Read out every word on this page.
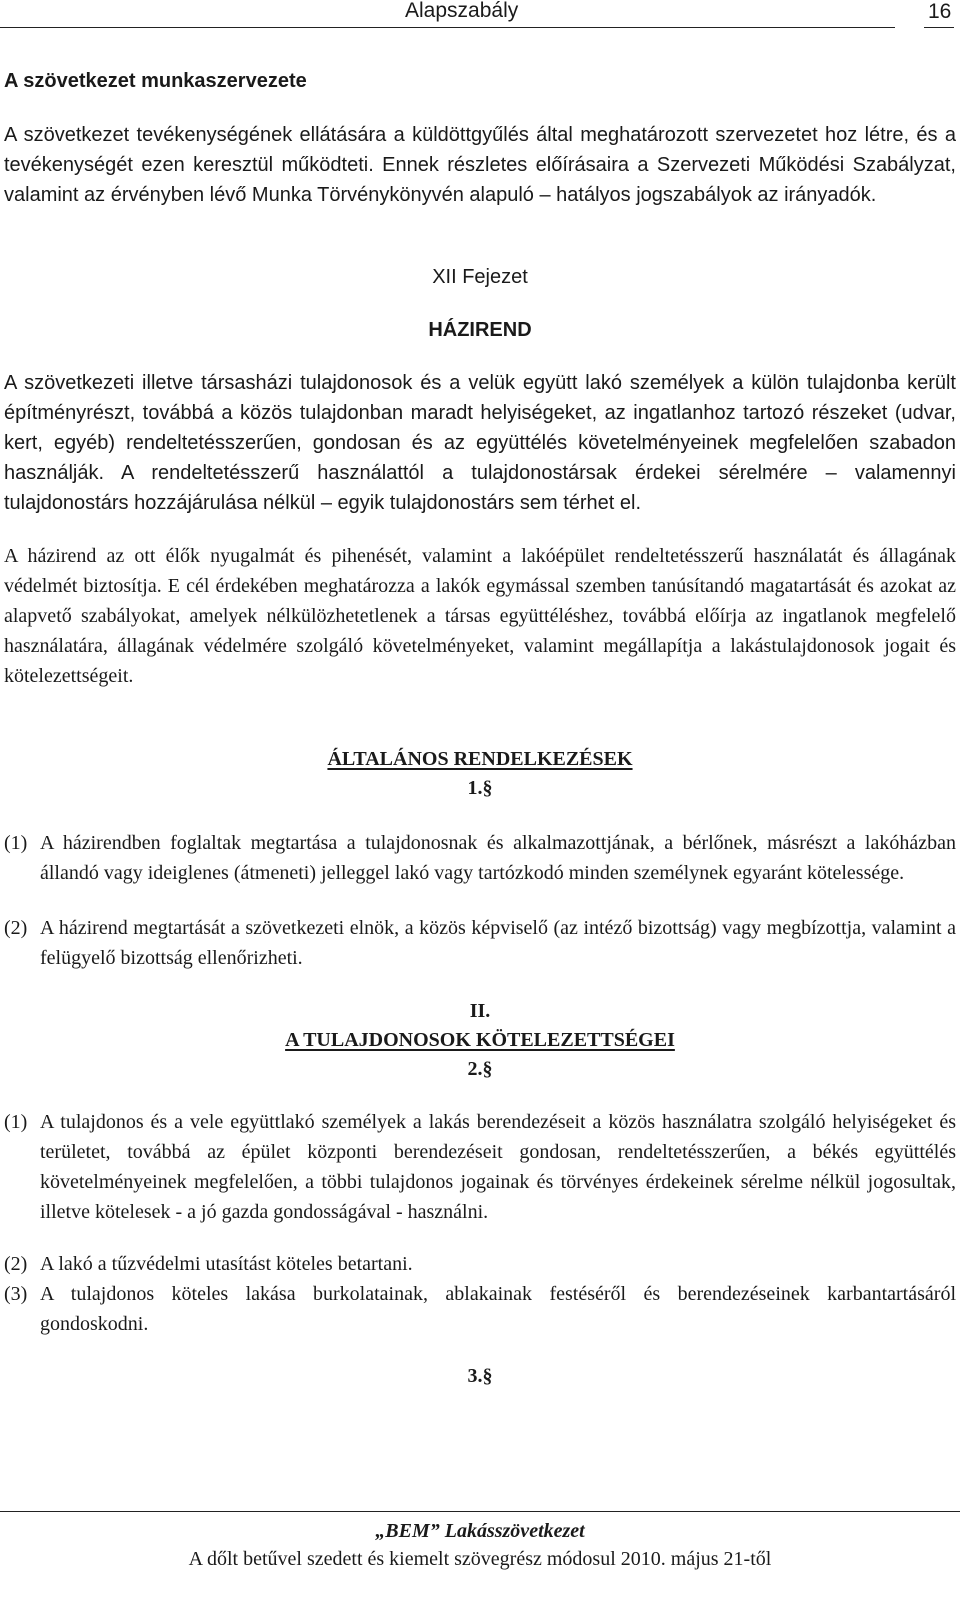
Alapszabály	16
A szövetkezet munkaszervezete
A szövetkezet tevékenységének ellátására a küldöttgyűlés által meghatározott szervezetet hoz létre, és a tevékenységét ezen keresztül működteti. Ennek részletes előírásaira a Szervezeti Működési Szabályzat, valamint az érvényben lévő Munka Törvénykönyvén alapuló – hatályos jogszabályok az irányadók.
XII Fejezet
HÁZIREND
A szövetkezeti illetve társasházi tulajdonosok és a velük együtt lakó személyek a külön tulajdonba került építményrészt, továbbá a közös tulajdonban maradt helyiségeket, az ingatlanhoz tartozó részeket (udvar, kert, egyéb) rendeltetésszerűen, gondosan és az együttélés követelményeinek megfelelően szabadon használják. A rendeltetésszerű használattól a tulajdonostársak érdekei sérelmére – valamennyi tulajdonostárs hozzájárulása nélkül – egyik tulajdonostárs sem térhet el.
A házirend az ott élők nyugalmát és pihenését, valamint a lakóépület rendeltetésszerű használatát és állagának védelmét biztosítja. E cél érdekében meghatározza a lakók egymással szemben tanúsítandó magatartását és azokat az alapvető szabályokat, amelyek nélkülözhetetlenek a társas együttéléshez, továbbá előírja az ingatlanok megfelelő használatára, állagának védelmére szolgáló követelményeket, valamint megállapítja a lakástulajdonosok jogait és kötelezettségeit.
ÁLTALÁNOS RENDELKEZÉSEK
1.§
(1) A házirendben foglaltak megtartása a tulajdonosnak és alkalmazottjának, a bérlőnek, másrészt a lakóházban állandó vagy ideiglenes (átmeneti) jelleggel lakó vagy tartózkodó minden személynek egyaránt kötelessége.
(2) A házirend megtartását a szövetkezeti elnök, a közös képviselő (az intéző bizottság) vagy megbízottja, valamint a felügyelő bizottság ellenőrizheti.
II.
A TULAJDONOSOK KÖTELEZETTSÉGEI
2.§
(1) A tulajdonos és a vele együttlakó személyek a lakás berendezéseit a közös használatra szolgáló helyiségeket és területet, továbbá az épület központi berendezéseit gondosan, rendeltetésszerűen, a békés együttélés követelményeinek megfelelően, a többi tulajdonos jogainak és törvényes érdekeinek sérelme nélkül jogosultak, illetve kötelesek - a jó gazda gondosságával - használni.
(2) A lakó a tűzvédelmi utasítást köteles betartani.
(3) A tulajdonos köteles lakása burkolatainak, ablakainak festéséről és berendezéseinek karbantartásáról gondoskodni.
3.§
„BEM” Lakásszövetkezet
A dőlt betűvel szedett és kiemelt szövegrész módosul 2010. május 21-től
